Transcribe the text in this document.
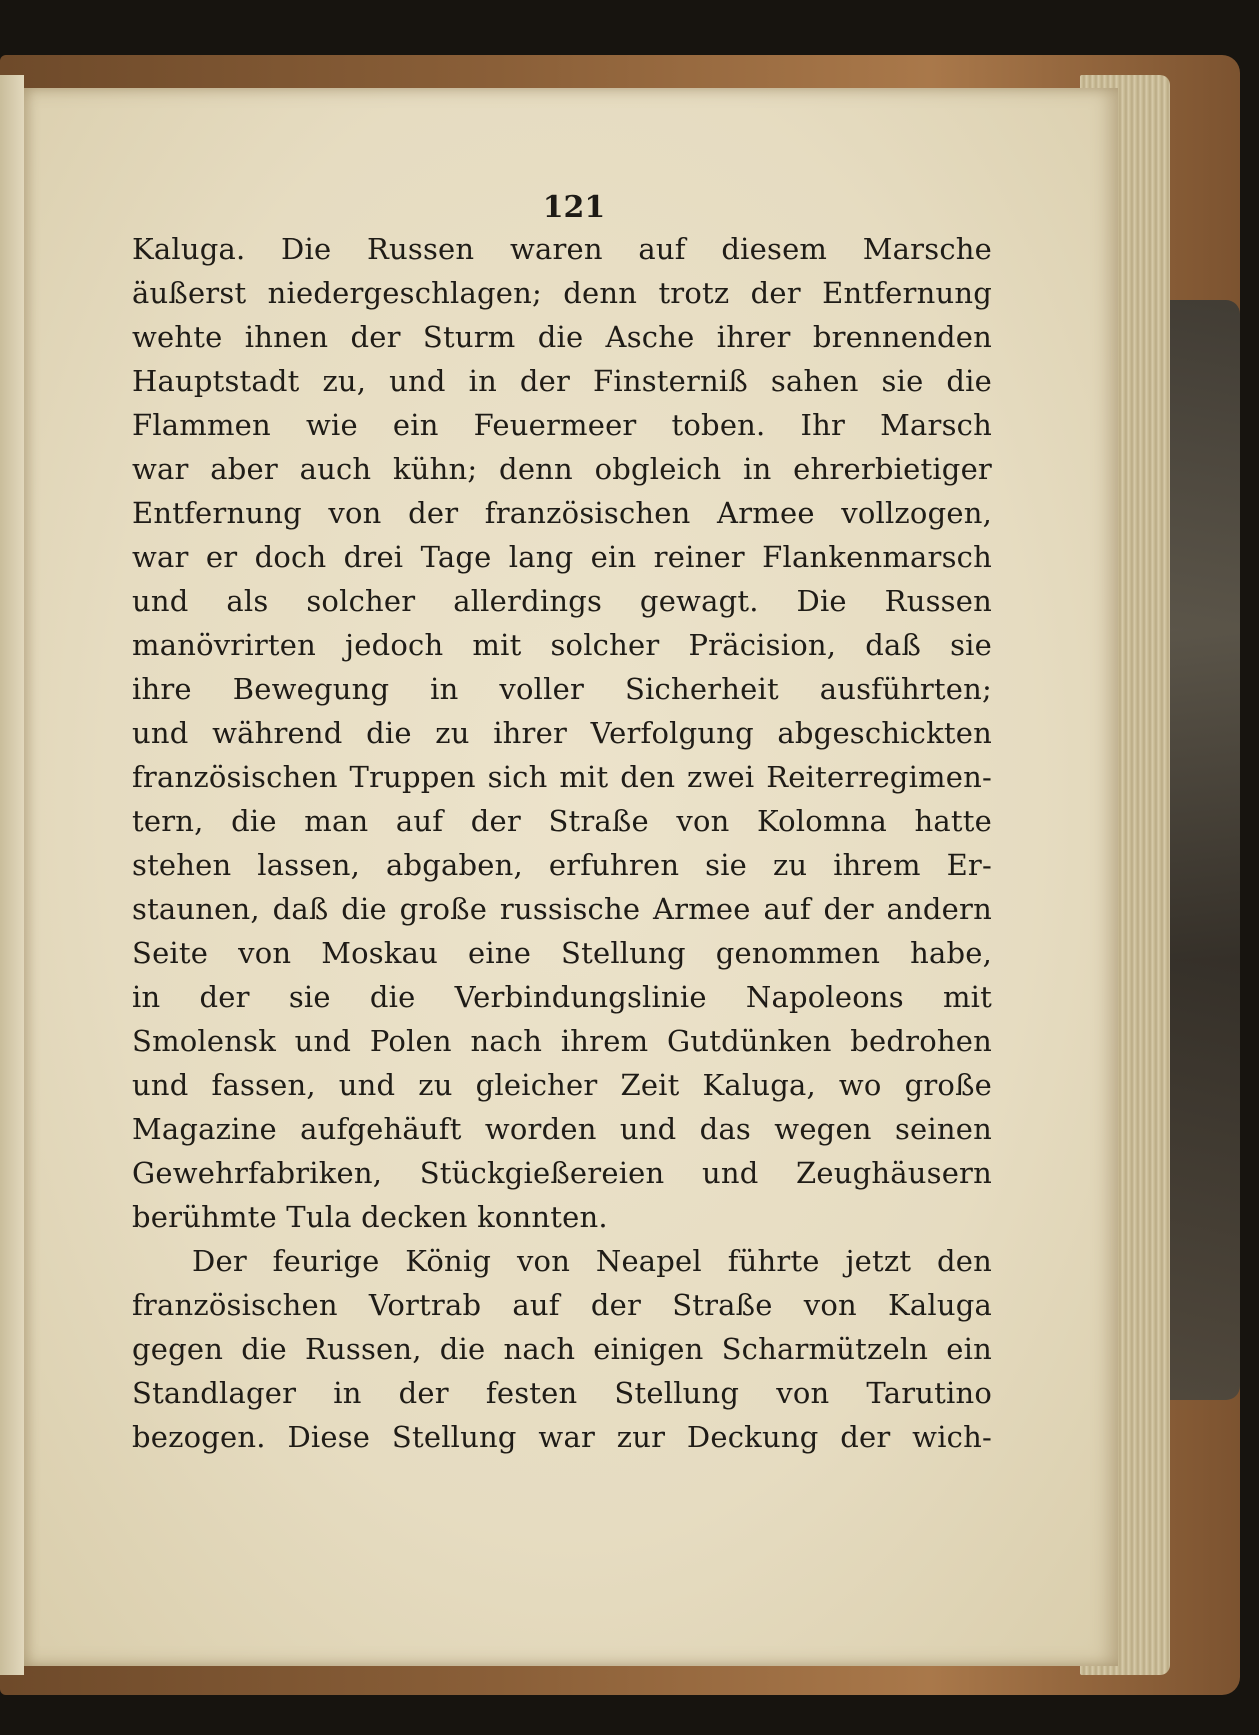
121
Kaluga. Die Russen waren auf diesem Marsche
äußerst niedergeschlagen; denn trotz der Entfernung
wehte ihnen der Sturm die Asche ihrer brennenden
Hauptstadt zu, und in der Finsterniß sahen sie die
Flammen wie ein Feuermeer toben. Ihr Marsch
war aber auch kühn; denn obgleich in ehrerbietiger
Entfernung von der französischen Armee vollzogen,
war er doch drei Tage lang ein reiner Flankenmarsch
und als solcher allerdings gewagt. Die Russen
manövrirten jedoch mit solcher Präcision, daß sie
ihre Bewegung in voller Sicherheit ausführten;
und während die zu ihrer Verfolgung abgeschickten
französischen Truppen sich mit den zwei Reiterregimen-
tern, die man auf der Straße von Kolomna hatte
stehen lassen, abgaben, erfuhren sie zu ihrem Er-
staunen, daß die große russische Armee auf der andern
Seite von Moskau eine Stellung genommen habe,
in der sie die Verbindungslinie Napoleons mit
Smolensk und Polen nach ihrem Gutdünken bedrohen
und fassen, und zu gleicher Zeit Kaluga, wo große
Magazine aufgehäuft worden und das wegen seinen
Gewehrfabriken, Stückgießereien und Zeughäusern
berühmte Tula decken konnten.
Der feurige König von Neapel führte jetzt den
französischen Vortrab auf der Straße von Kaluga
gegen die Russen, die nach einigen Scharmützeln ein
Standlager in der festen Stellung von Tarutino
bezogen. Diese Stellung war zur Deckung der wich-
